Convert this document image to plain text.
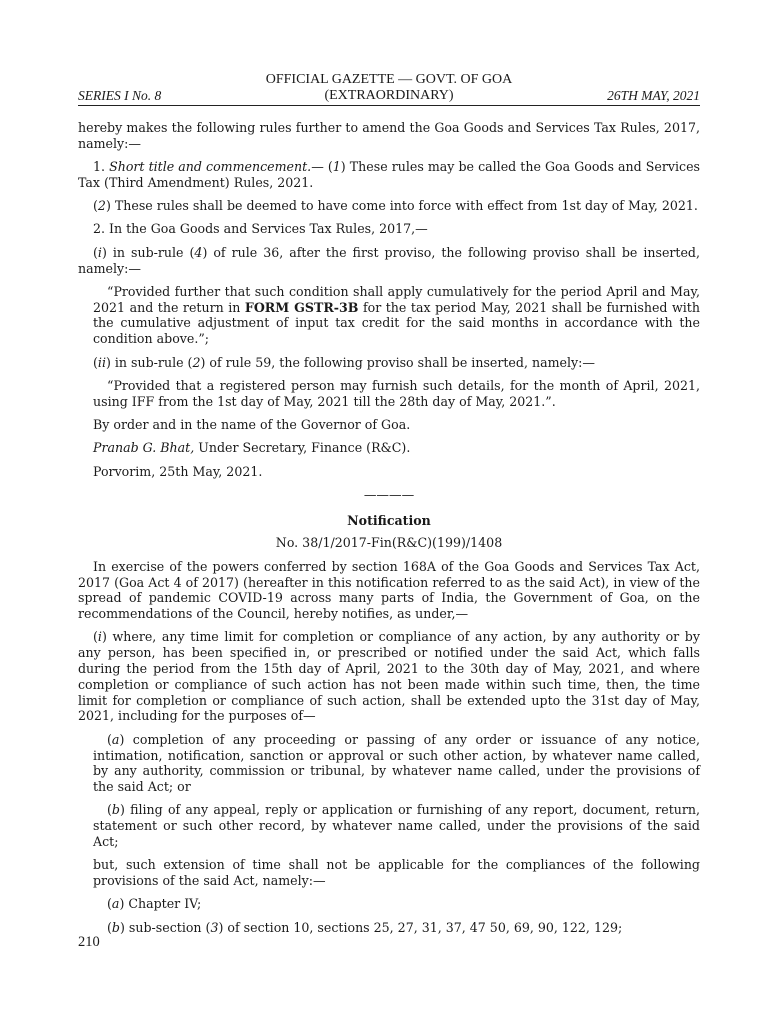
SERIES I No. 8
OFFICIAL GAZETTE — GOVT. OF GOA
(EXTRAORDINARY)	26TH MAY, 2021

hereby makes the following rules further to amend the Goa Goods and Services Tax Rules, 2017, namely:—

1. Short title and commencement.— (1) These rules may be called the Goa Goods and Services Tax (Third Amendment) Rules, 2021.

(2) These rules shall be deemed to have come into force with effect from 1st day of May, 2021.

2. In the Goa Goods and Services Tax Rules, 2017,—

(i) in sub-rule (4) of rule 36, after the first proviso, the following proviso shall be inserted, namely:—

“Provided further that such condition shall apply cumulatively for the period April and May, 2021 and the return in FORM GSTR-3B for the tax period May, 2021 shall be furnished with the cumulative adjustment of input tax credit for the said months in accordance with the condition above.”;

(ii) in sub-rule (2) of rule 59, the following proviso shall be inserted, namely:—

“Provided that a registered person may furnish such details, for the month of April, 2021, using IFF from the 1st day of May, 2021 till the 28th day of May, 2021.”.

By order and in the name of the Governor of Goa.

Pranab G. Bhat, Under Secretary, Finance (R&C).

Porvorim, 25th May, 2021.

————
Notification

No. 38/1/2017-Fin(R&C)(199)/1408

In exercise of the powers conferred by section 168A of the Goa Goods and Services Tax Act, 2017 (Goa Act 4 of 2017) (hereafter in this notification referred to as the said Act), in view of the spread of pandemic COVID-19 across many parts of India, the Government of Goa, on the recommendations of the Council, hereby notifies, as under,—

(i) where, any time limit for completion or compliance of any action, by any authority or by any person, has been specified in, or prescribed or notified under the said Act, which falls during the period from the 15th day of April, 2021 to the 30th day of May, 2021, and where completion or compliance of such action has not been made within such time, then, the time limit for completion or compliance of such action, shall be extended upto the 31st day of May, 2021, including for the purposes of—

(a) completion of any proceeding or passing of any order or issuance of any notice, intimation, notification, sanction or approval or such other action, by whatever name called, by any authority, commission or tribunal, by whatever name called, under the provisions of the said Act; or

(b) filing of any appeal, reply or application or furnishing of any report, document, return, statement or such other record, by whatever name called, under the provisions of the said Act;

but, such extension of time shall not be applicable for the compliances of the following provisions of the said Act, namely:—

(a) Chapter IV;

(b) sub-section (3) of section 10, sections 25, 27, 31, 37, 47 50, 69, 90, 122, 129;

210
